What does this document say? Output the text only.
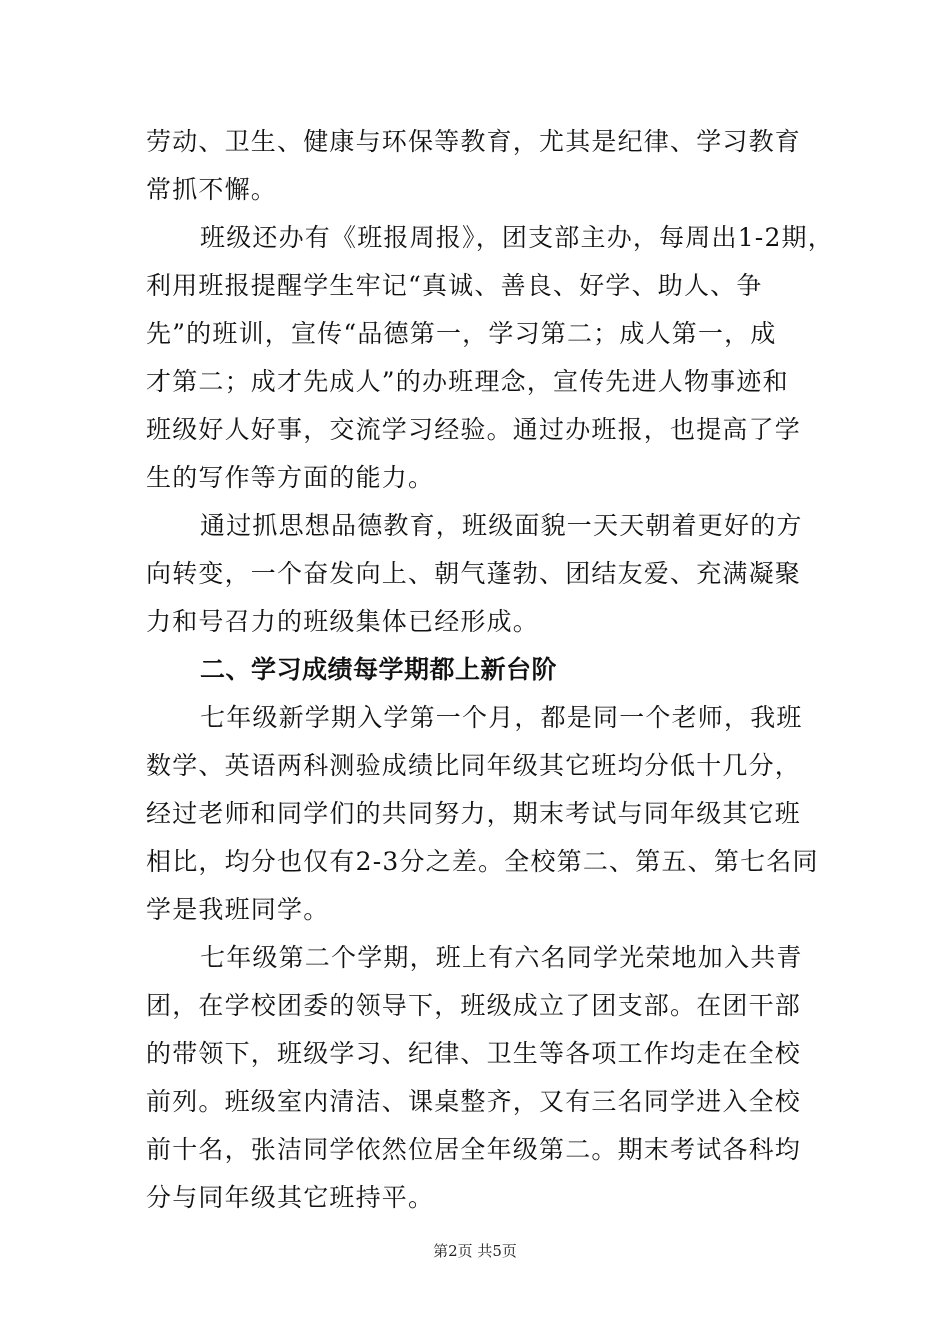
劳动、卫生、健康与环保等教育，尤其是纪律、学习教育
常抓不懈。
班级还办有《班报周报》，团支部主办，每周出1-2期，
利用班报提醒学生牢记“真诚、善良、好学、助人、争
先”的班训，宣传“品德第一，学习第二；成人第一，成
才第二；成才先成人”的办班理念，宣传先进人物事迹和
班级好人好事，交流学习经验。通过办班报，也提高了学
生的写作等方面的能力。
通过抓思想品德教育，班级面貌一天天朝着更好的方
向转变，一个奋发向上、朝气蓬勃、团结友爱、充满凝聚
力和号召力的班级集体已经形成。
二、学习成绩每学期都上新台阶
七年级新学期入学第一个月，都是同一个老师，我班
数学、英语两科测验成绩比同年级其它班均分低十几分，
经过老师和同学们的共同努力，期末考试与同年级其它班
相比，均分也仅有2-3分之差。全校第二、第五、第七名同
学是我班同学。
七年级第二个学期，班上有六名同学光荣地加入共青
团，在学校团委的领导下，班级成立了团支部。在团干部
的带领下，班级学习、纪律、卫生等各项工作均走在全校
前列。班级室内清洁、课桌整齐，又有三名同学进入全校
前十名，张洁同学依然位居全年级第二。期末考试各科均
分与同年级其它班持平。
第2页 共5页
